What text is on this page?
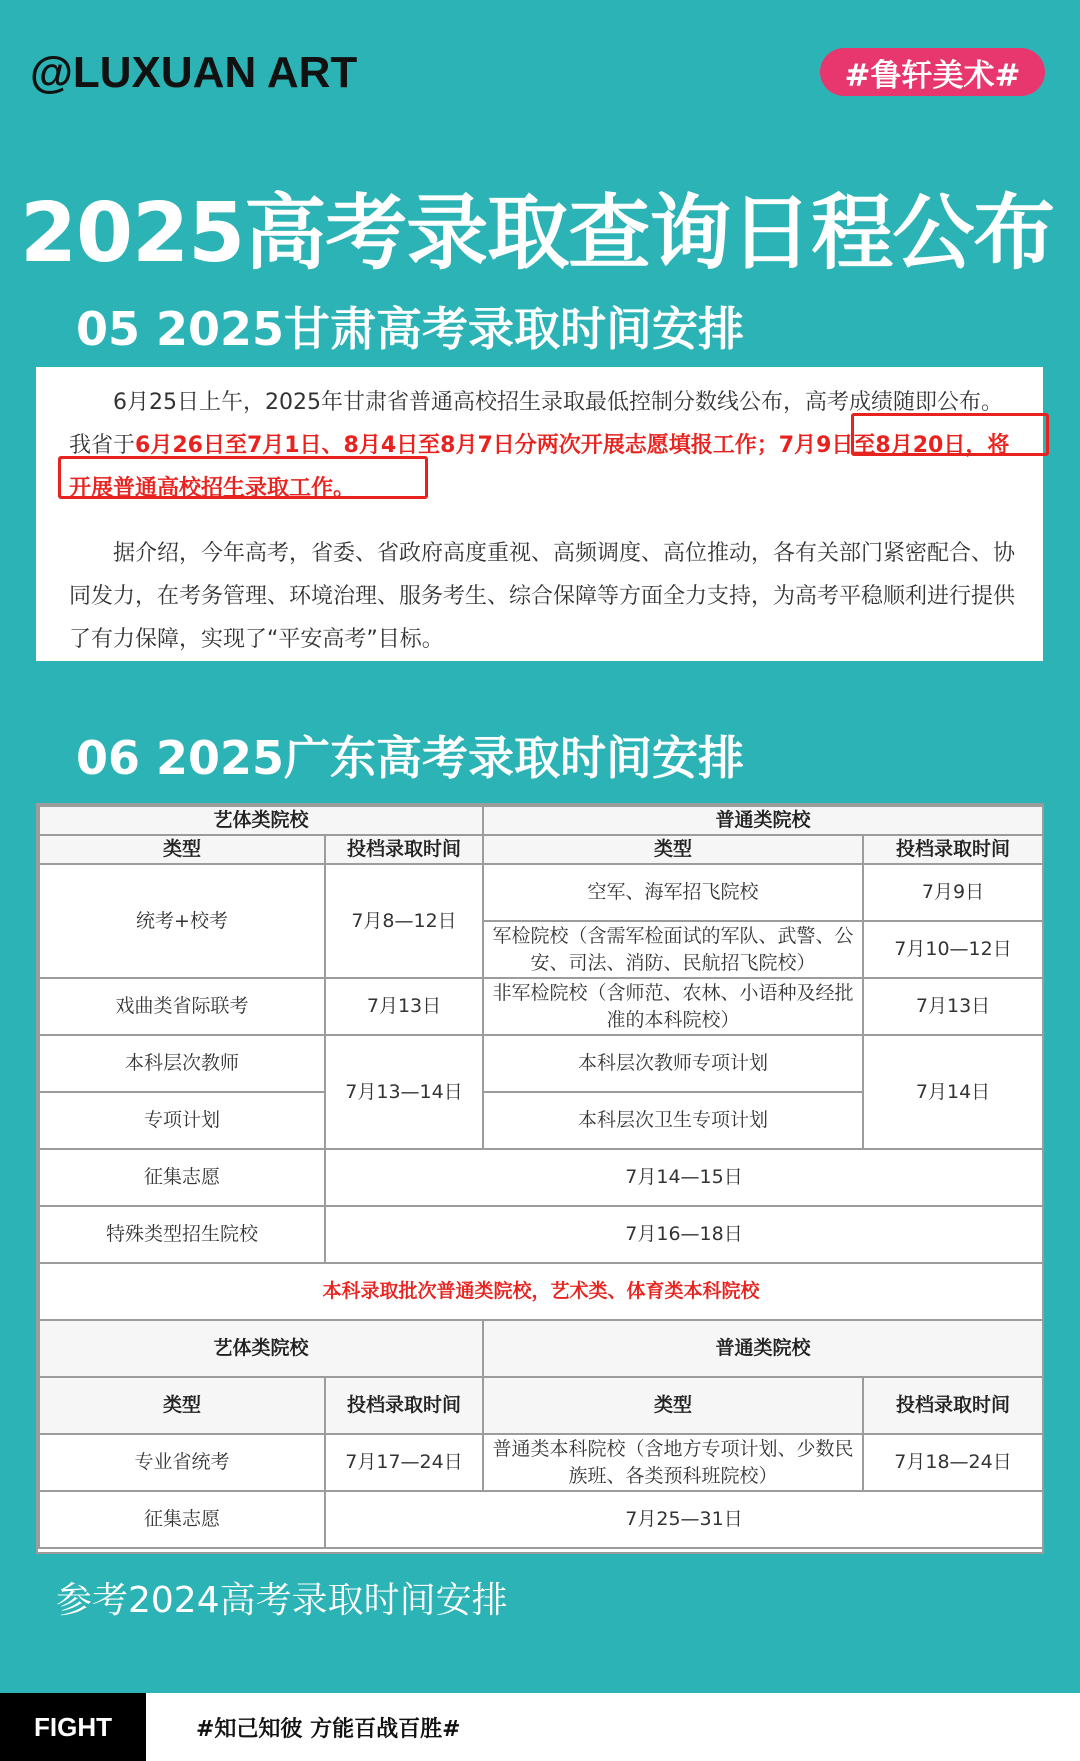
@LUXUAN ART	#鲁轩美术#
2025高考录取查询日程公布
05 2025甘肃高考录取时间安排

6月25日上午，2025年甘肃省普通高校招生录取最低控制分数线公布，高考成绩随即公布。我省于6月26日至7月1日、8月4日至8月7日分两次开展志愿填报工作；7月9日至8月20日，将开展普通高校招生录取工作。

据介绍，今年高考，省委、省政府高度重视、高频调度、高位推动，各有关部门紧密配合、协同发力，在考务管理、环境治理、服务考生、综合保障等方面全力支持，为高考平稳顺利进行提供了有力保障，实现了“平安高考”目标。

06 2025广东高考录取时间安排
艺体类院校		普通类院校	
类型	投档录取时间	类型	投档录取时间
统考+校考	7月8—12日	空军、海军招飞院校	7月9日
		军检院校（含需军检面试的军队、武警、公安、司法、消防、民航招飞院校）	7月10—12日
戏曲类省际联考	7月13日	非军检院校（含师范、农林、小语种及经批准的本科院校）	7月13日
本科层次教师	7月13—14日	本科层次教师专项计划	7月14日
专项计划		本科层次卫生专项计划	
征集志愿	7月14—15日		
特殊类型招生院校	7月16—18日		
本科录取批次普通类院校，艺术类、体育类本科院校			
艺体类院校		普通类院校	
类型	投档录取时间	类型	投档录取时间
专业省统考	7月17—24日	普通类本科院校（含地方专项计划、少数民族班、各类预科班院校）	7月18—24日
征集志愿	7月25—31日		
参考2024高考录取时间安排
FIGHT	#知己知彼 方能百战百胜#
